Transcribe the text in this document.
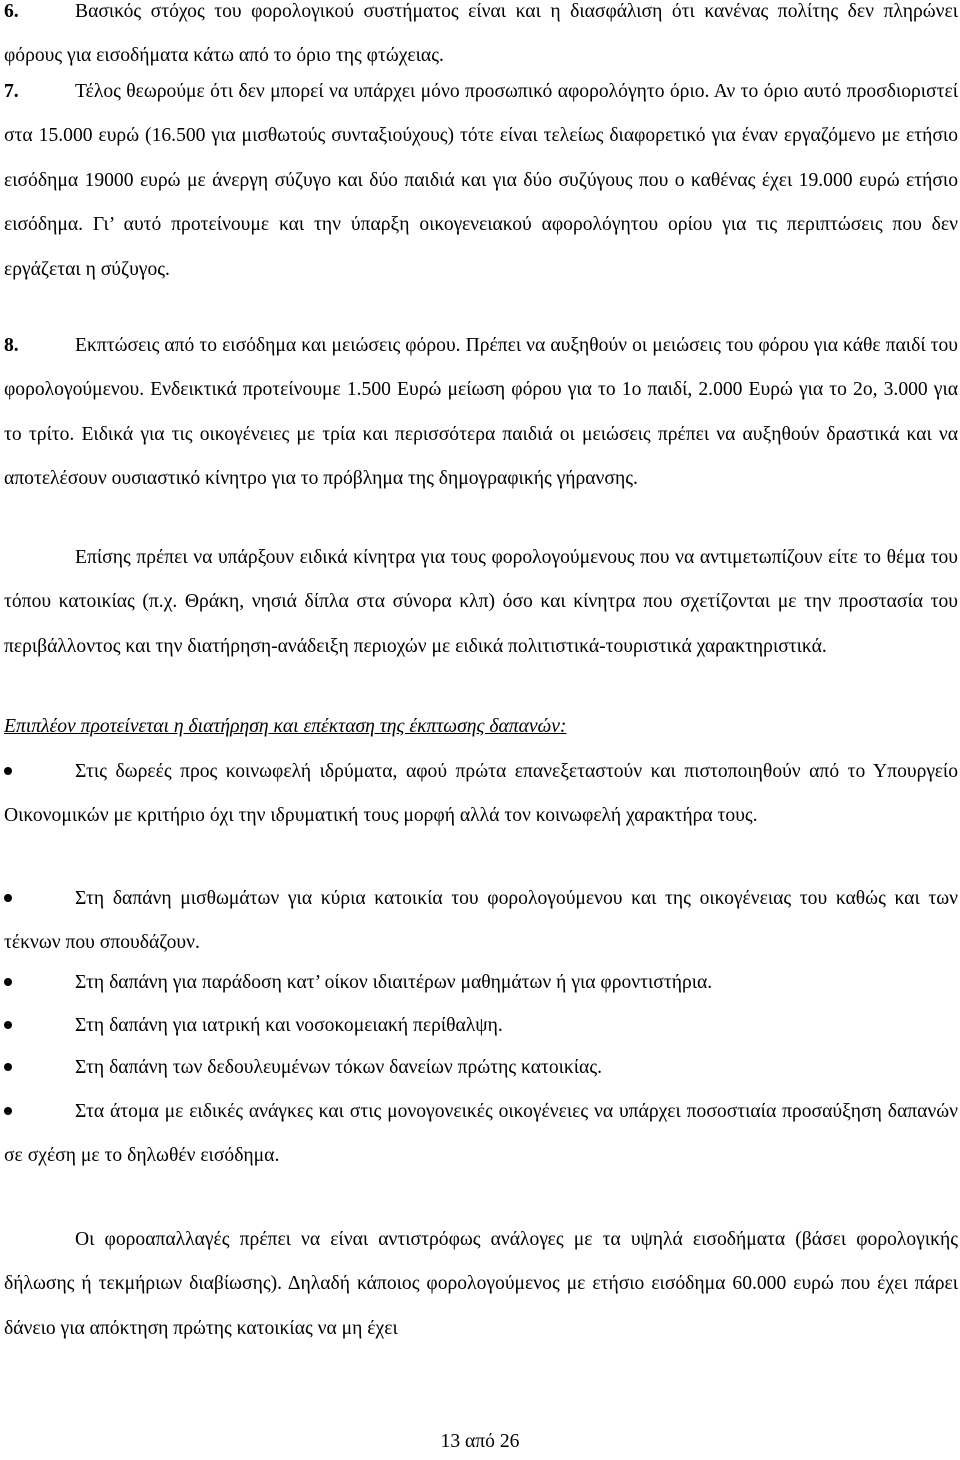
6.	Βασικός στόχος του φορολογικού συστήματος είναι και η διασφάλιση ότι κανένας πολίτης δεν πληρώνει φόρους για εισοδήματα κάτω από το όριο της φτώχειας.

7.	Τέλος θεωρούμε ότι δεν μπορεί να υπάρχει μόνο προσωπικό αφορολόγητο όριο. Αν το όριο αυτό προσδιοριστεί στα 15.000 ευρώ (16.500 για μισθωτούς συνταξιούχους) τότε είναι τελείως διαφορετικό για έναν εργαζόμενο με ετήσιο εισόδημα 19000 ευρώ με άνεργη σύζυγο και δύο παιδιά και για δύο συζύγους που ο καθένας έχει 19.000 ευρώ ετήσιο εισόδημα. Γι’ αυτό προτείνουμε και την ύπαρξη οικογενειακού αφορολόγητου ορίου για τις περιπτώσεις που δεν εργάζεται η σύζυγος.

8.	Εκπτώσεις από το εισόδημα και μειώσεις φόρου. Πρέπει να αυξηθούν οι μειώσεις του φόρου για κάθε παιδί του φορολογούμενου. Ενδεικτικά προτείνουμε 1.500 Ευρώ μείωση φόρου για το 1ο παιδί, 2.000 Ευρώ για το 2ο, 3.000 για το τρίτο. Ειδικά για τις οικογένειες με τρία και περισσότερα παιδιά οι μειώσεις πρέπει να αυξηθούν δραστικά και να αποτελέσουν ουσιαστικό κίνητρο για το πρόβλημα της δημογραφικής γήρανσης.

Επίσης πρέπει να υπάρξουν ειδικά κίνητρα για τους φορολογούμενους που να αντιμετωπίζουν είτε το θέμα του τόπου κατοικίας (π.χ. Θράκη, νησιά δίπλα στα σύνορα κλπ) όσο και κίνητρα που σχετίζονται με την προστασία του περιβάλλοντος και την διατήρηση-ανάδειξη περιοχών με ειδικά πολιτιστικά-τουριστικά χαρακτηριστικά.

Επιπλέον προτείνεται η διατήρηση και επέκταση της έκπτωσης δαπανών:

Στις δωρεές προς κοινωφελή ιδρύματα, αφού πρώτα επανεξεταστούν και πιστοποιηθούν από το Υπουργείο Οικονομικών με κριτήριο όχι την ιδρυματική τους μορφή αλλά τον κοινωφελή χαρακτήρα τους.

Στη δαπάνη μισθωμάτων για κύρια κατοικία του φορολογούμενου και της οικογένειας του καθώς και των τέκνων που σπουδάζουν.

Στη δαπάνη για παράδοση κατ’ οίκον ιδιαιτέρων μαθημάτων ή για φροντιστήρια.

Στη δαπάνη για ιατρική και νοσοκομειακή περίθαλψη.

Στη δαπάνη των δεδουλευμένων τόκων δανείων πρώτης κατοικίας.

Στα άτομα με ειδικές ανάγκες και στις μονογονεικές οικογένειες να υπάρχει ποσοστιαία προσαύξηση δαπανών σε σχέση με το δηλωθέν εισόδημα.

Οι φοροαπαλλαγές πρέπει να είναι αντιστρόφως ανάλογες με τα υψηλά εισοδήματα (βάσει φορολογικής δήλωσης ή τεκμήριων διαβίωσης). Δηλαδή κάποιος φορολογούμενος με ετήσιο εισόδημα 60.000 ευρώ που έχει πάρει δάνειο για απόκτηση πρώτης κατοικίας να μη έχει

13 από 26
